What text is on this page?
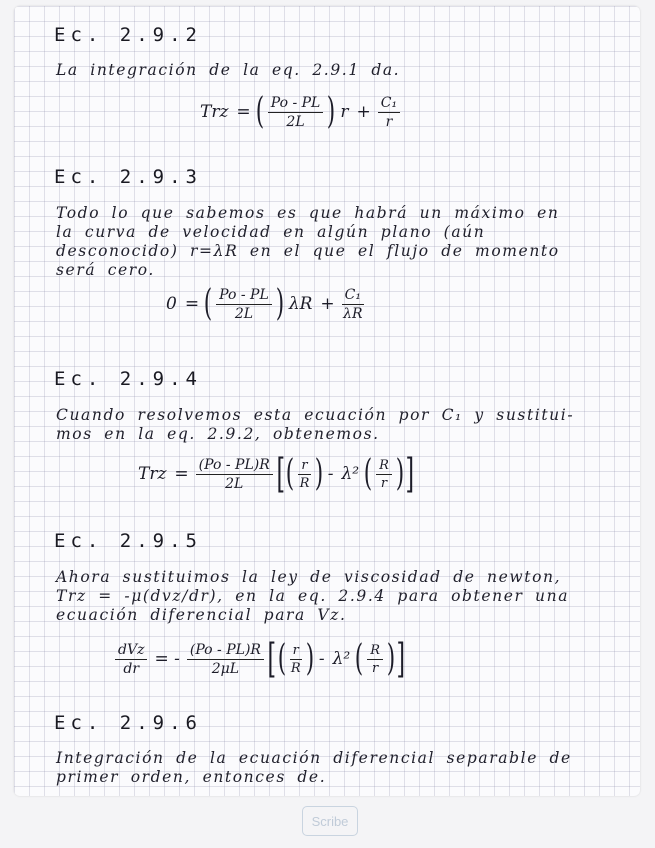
Ec. 2.9.2
La integración de la eq. 2.9.1 da.
Trz = ( $\frac{Po - PL}{2L}$ ) $r + \frac{\text{C₁}}{r}$
Ec. 2.9.3
Todo lo que sabemos es que habrá un máximo en
la curva de velocidad en algún plano (aún
desconocido) r=λR en el que el flujo de momento
será cero.
0 = ( $\frac{Po - PL}{2L}$ ) $\lambda R + \frac{\text{C₁}}{\lambda R}$
Ec. 2.9.4
Cuando resolvemos esta ecuación por C₁ y sustitui-
mos en la eq. 2.9.2, obtenemos.
Trz = $\frac{(Po - PL)R}{2L}$ [ ( $\frac{r}{R}$ ) - λ² ( $\frac{R}{r}$ ) ]
Ec. 2.9.5
Ahora sustituimos la ley de viscosidad de newton,
Trz = -μ(dvz/dr), en la eq. 2.9.4 para obtener una
ecuación diferencial para Vz.
$\frac{\text{dVz}}{dr}$ = - $\frac{(Po - PL)R}{2\mu L}$ [ ( $\frac{r}{R}$ ) - λ² ( $\frac{R}{r}$ ) ]
Ec. 2.9.6
Integración de la ecuación diferencial separable de
primer orden, entonces de.
Scribe
